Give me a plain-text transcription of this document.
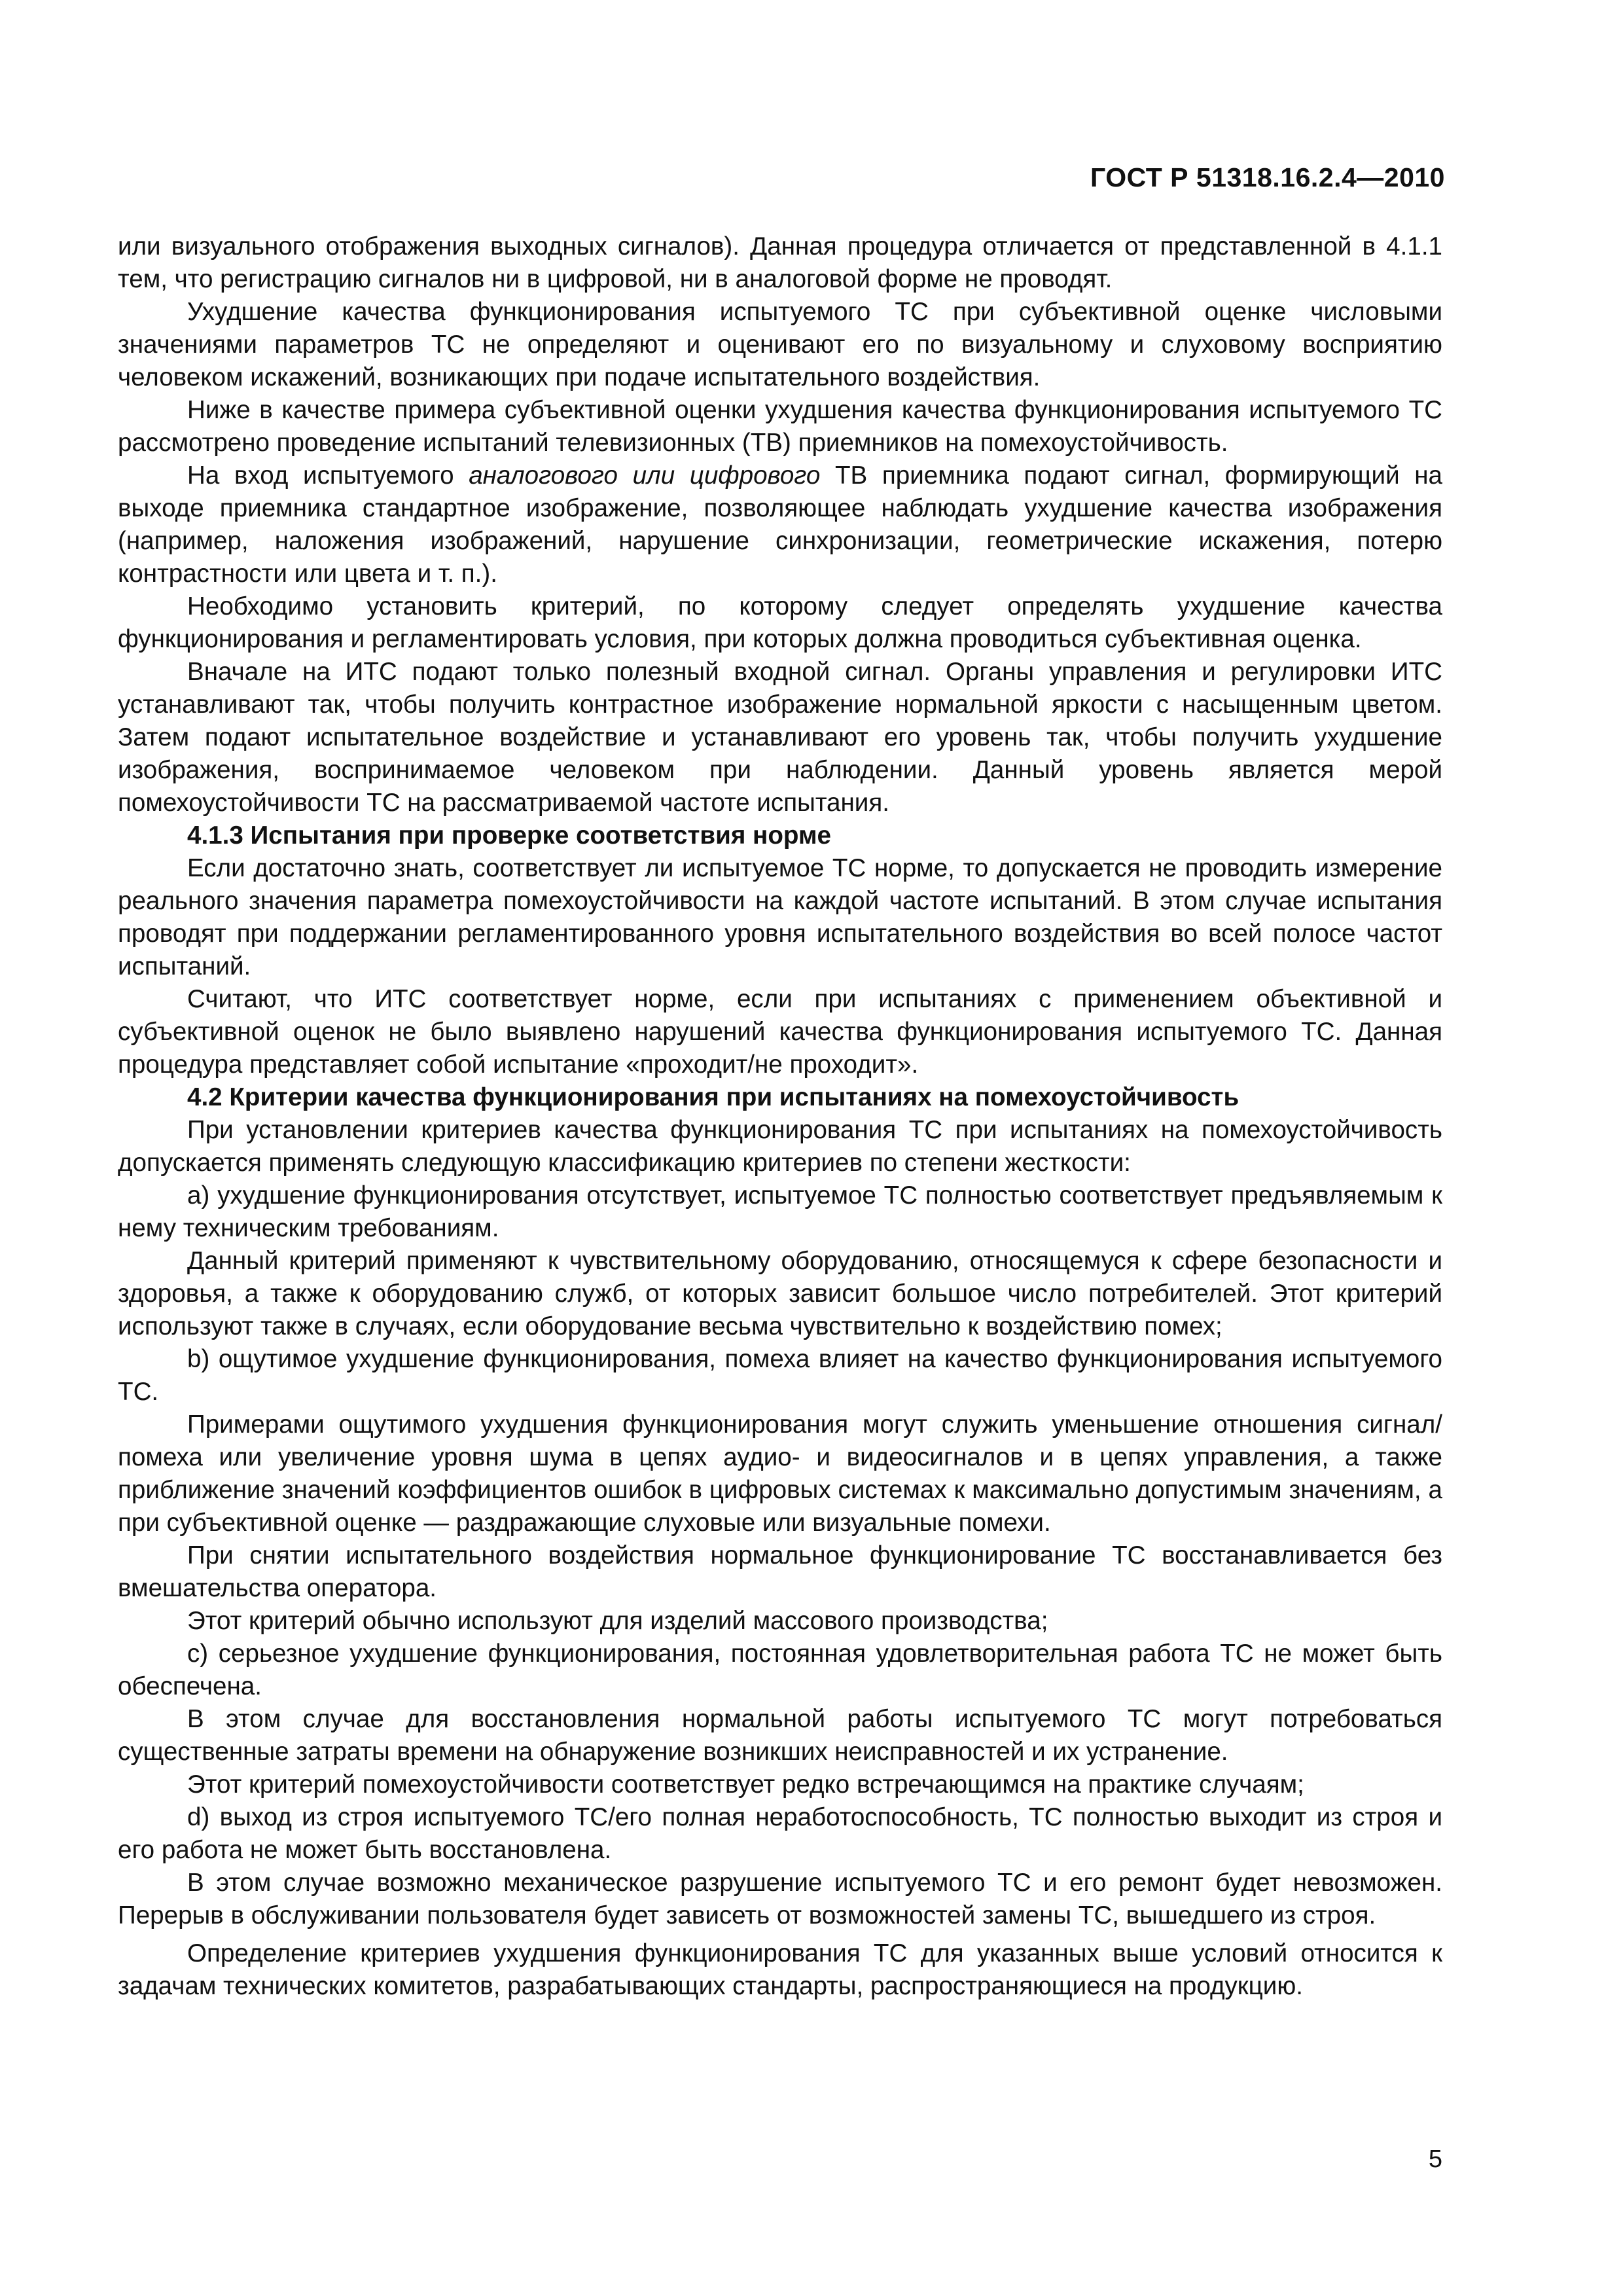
ГОСТ Р 51318.16.2.4—2010

или визуального отображения выходных сигналов). Данная процедура отличается от представленной в 4.1.1 тем, что регистрацию сигналов ни в цифровой, ни в аналоговой форме не проводят.

Ухудшение качества функционирования испытуемого ТС при субъективной оценке числовыми значениями параметров ТС не определяют и оценивают его по визуальному и слуховому восприятию человеком искажений, возникающих при подаче испытательного воздействия.

Ниже в качестве примера субъективной оценки ухудшения качества функционирования испытуемого ТС рассмотрено проведение испытаний телевизионных (ТВ) приемников на помехоустойчивость.

На вход испытуемого аналогового или цифрового ТВ приемника подают сигнал, формирующий на выходе приемника стандартное изображение, позволяющее наблюдать ухудшение качества изображения (например, наложения изображений, нарушение синхронизации, геометрические искажения, потерю контрастности или цвета и т. п.).

Необходимо установить критерий, по которому следует определять ухудшение качества функционирования и регламентировать условия, при которых должна проводиться субъективная оценка.

Вначале на ИТС подают только полезный входной сигнал. Органы управления и регулировки ИТС устанавливают так, чтобы получить контрастное изображение нормальной яркости с насыщенным цветом. Затем подают испытательное воздействие и устанавливают его уровень так, чтобы получить ухудшение изображения, воспринимаемое человеком при наблюдении. Данный уровень является мерой помехоустойчивости ТС на рассматриваемой частоте испытания.

4.1.3 Испытания при проверке соответствия норме

Если достаточно знать, соответствует ли испытуемое ТС норме, то допускается не проводить измерение реального значения параметра помехоустойчивости на каждой частоте испытаний. В этом случае испытания проводят при поддержании регламентированного уровня испытательного воздействия во всей полосе частот испытаний.

Считают, что ИТС соответствует норме, если при испытаниях с применением объективной и субъективной оценок не было выявлено нарушений качества функционирования испытуемого ТС. Данная процедура представляет собой испытание «проходит/не проходит».

4.2 Критерии качества функционирования при испытаниях на помехоустойчивость

При установлении критериев качества функционирования ТС при испытаниях на помехоустойчивость допускается применять следующую классификацию критериев по степени жесткости:

а) ухудшение функционирования отсутствует, испытуемое ТС полностью соответствует предъявляемым к нему техническим требованиям.

Данный критерий применяют к чувствительному оборудованию, относящемуся к сфере безопасности и здоровья, а также к оборудованию служб, от которых зависит большое число потребителей. Этот критерий используют также в случаях, если оборудование весьма чувствительно к воздействию помех;

b) ощутимое ухудшение функционирования, помеха влияет на качество функционирования испытуемого ТС.

Примерами ощутимого ухудшения функционирования могут служить уменьшение отношения сигнал/помеха или увеличение уровня шума в цепях аудио- и видеосигналов и в цепях управления, а также приближение значений коэффициентов ошибок в цифровых системах к максимально допустимым значениям, а при субъективной оценке — раздражающие слуховые или визуальные помехи.

При снятии испытательного воздействия нормальное функционирование ТС восстанавливается без вмешательства оператора.

Этот критерий обычно используют для изделий массового производства;

с) серьезное ухудшение функционирования, постоянная удовлетворительная работа ТС не может быть обеспечена.

В этом случае для восстановления нормальной работы испытуемого ТС могут потребоваться существенные затраты времени на обнаружение возникших неисправностей и их устранение.

Этот критерий помехоустойчивости соответствует редко встречающимся на практике случаям;

d) выход из строя испытуемого ТС/его полная неработоспособность, ТС полностью выходит из строя и его работа не может быть восстановлена.

В этом случае возможно механическое разрушение испытуемого ТС и его ремонт будет невозможен. Перерыв в обслуживании пользователя будет зависеть от возможностей замены ТС, вышедшего из строя.

Определение критериев ухудшения функционирования ТС для указанных выше условий относится к задачам технических комитетов, разрабатывающих стандарты, распространяющиеся на продукцию.

5
